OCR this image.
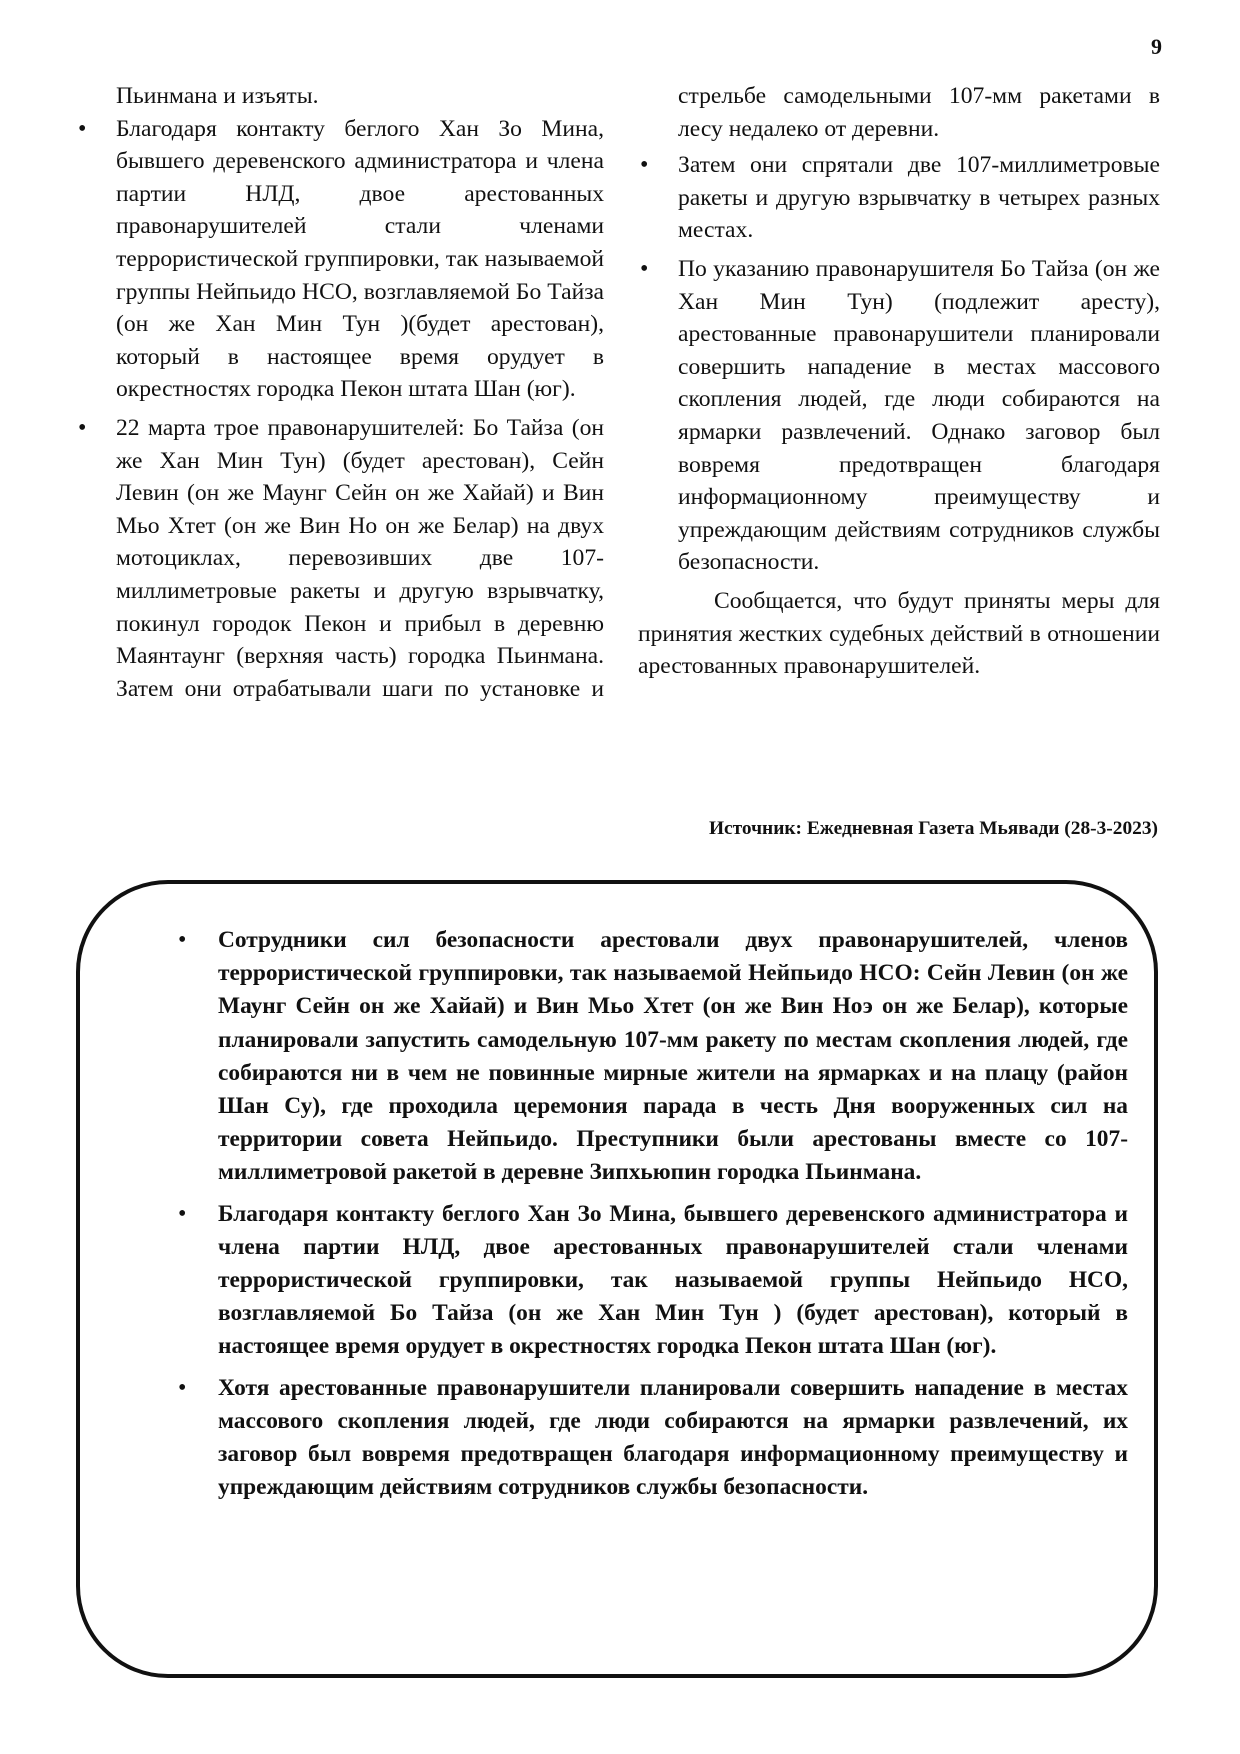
9

Пьинмана и изъяты.

• Благодаря контакту беглого Хан Зо Мина, бывшего деревенского администратора и члена партии НЛД, двое арестованных правонарушителей стали членами террористической группировки, так называемой группы Нейпьидо НСО, возглавляемой Бо Тайза (он же Хан Мин Тун )(будет арестован), который в настоящее время орудует в окрестностях городка Пекон штата Шан (юг).
• 22 марта трое правонарушителей: Бо Тайза (он же Хан Мин Тун) (будет арестован), Сейн Левин (он же Маунг Сейн он же Хайай) и Вин Мьо Хтет (он же Вин Но он же Белар) на двух мотоциклах, перевозивших две 107-миллиметровые ракеты и другую взрывчатку, покинул городок Пекон и прибыл в деревню Маянтаунг (верхняя часть) городка Пьинмана. Затем они отрабатывали шаги по установке и

стрельбе самодельными 107-мм ракетами в лесу недалеко от деревни.

• Затем они спрятали две 107-миллиметровые ракеты и другую взрывчатку в четырех разных местах.
• По указанию правонарушителя Бо Тайза (он же Хан Мин Тун) (подлежит аресту), арестованные правонарушители планировали совершить нападение в местах массового скопления людей, где люди собираются на ярмарки развлечений. Однако заговор был вовремя предотвращен благодаря информационному преимуществу и упреждающим действиям сотрудников службы безопасности.

Сообщается, что будут приняты меры для принятия жестких судебных действий в отношении арестованных правонарушителей.

Источник: Ежедневная Газета Мьявади (28-3-2023)
• Сотрудники сил безопасности арестовали двух правонарушителей, членов террористической группировки, так называемой Нейпьидо НСО: Сейн Левин (он же Маунг Сейн он же Хайай) и Вин Мьо Хтет (он же Вин Ноэ он же Белар), которые планировали запустить самодельную 107-мм ракету по местам скопления людей, где собираются ни в чем не повинные мирные жители на ярмарках и на плацу (район Шан Су), где проходила церемония парада в честь Дня вооруженных сил на территории совета Нейпьидо. Преступники были арестованы вместе со 107-миллиметровой ракетой в деревне Зипхьюпин городка Пьинмана.
• Благодаря контакту беглого Хан Зо Мина, бывшего деревенского администратора и члена партии НЛД, двое арестованных правонарушителей стали членами террористической группировки, так называемой группы Нейпьидо НСО, возглавляемой Бо Тайза (он же Хан Мин Тун ) (будет арестован), который в настоящее время орудует в окрестностях городка Пекон штата Шан (юг).
• Хотя арестованные правонарушители планировали совершить нападение в местах массового скопления людей, где люди собираются на ярмарки развлечений, их заговор был вовремя предотвращен благодаря информационному преимуществу и упреждающим действиям сотрудников службы безопасности.
